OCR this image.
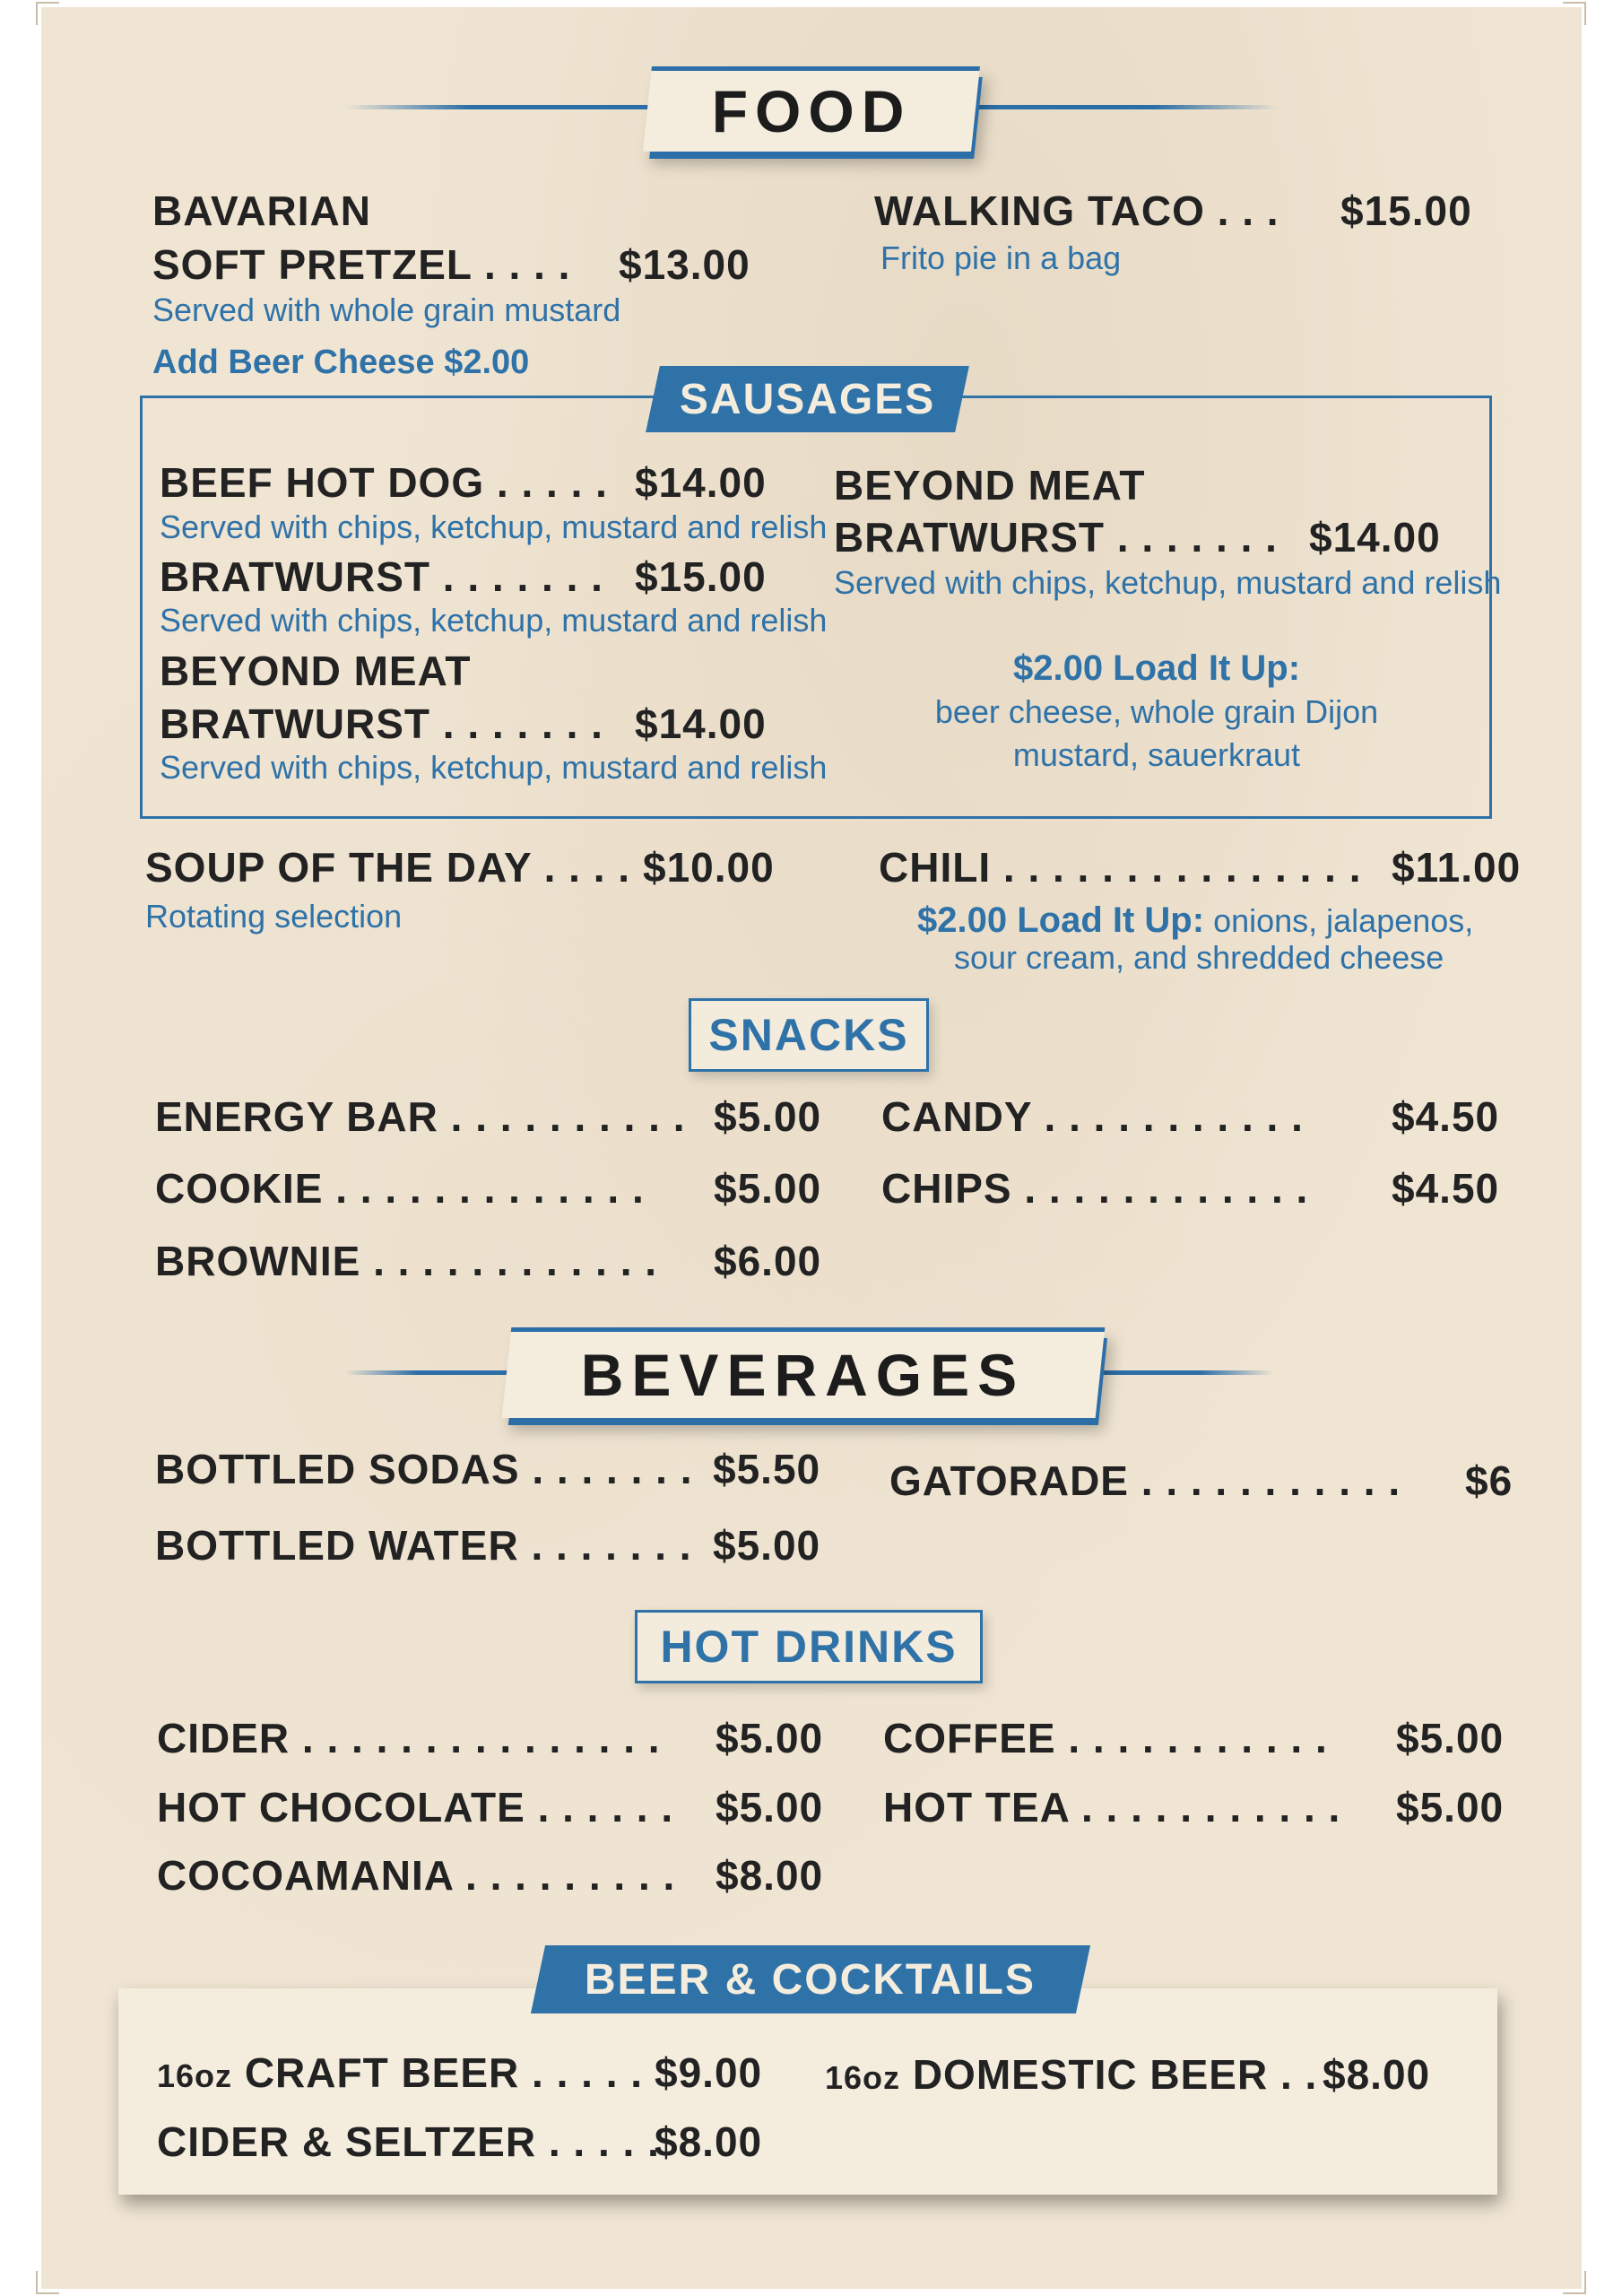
FOOD
BAVARIAN
SOFT PRETZEL . . . . $13.00
Served with whole grain mustard
Add Beer Cheese $2.00
WALKING TACO . . . $15.00
Frito pie in a bag
SAUSAGES
BEEF HOT DOG . . . . . $14.00
Served with chips, ketchup, mustard and relish
BRATWURST . . . . . . . $15.00
Served with chips, ketchup, mustard and relish
BEYOND MEAT
BRATWURST . . . . . . . $14.00
Served with chips, ketchup, mustard and relish
BEYOND MEAT
BRATWURST . . . . . . . $14.00
Served with chips, ketchup, mustard and relish
$2.00 Load It Up:
beer cheese, whole grain Dijon
mustard, sauerkraut
SOUP OF THE DAY . . . . $10.00
Rotating selection
CHILI . . . . . . . . . . . . . . . $11.00
$2.00 Load It Up: onions, jalapenos,
sour cream, and shredded cheese
SNACKS
ENERGY BAR . . . . . . . . . . $5.00
COOKIE . . . . . . . . . . . . . $5.00
BROWNIE . . . . . . . . . . . . $6.00
CANDY . . . . . . . . . . . $4.50
CHIPS . . . . . . . . . . . . $4.50
BEVERAGES
BOTTLED SODAS . . . . . . . $5.50
BOTTLED WATER . . . . . . . $5.00
GATORADE . . . . . . . . . . . $6
HOT DRINKS
CIDER . . . . . . . . . . . . . . . $5.00
HOT CHOCOLATE . . . . . . $5.00
COCOAMANIA . . . . . . . . . $8.00
COFFEE . . . . . . . . . . . $5.00
HOT TEA . . . . . . . . . . . $5.00
BEER & COCKTAILS
16oz CRAFT BEER . . . . . $9.00
CIDER & SELTZER . . . . .
$8.00
16oz DOMESTIC BEER . . $8.00
